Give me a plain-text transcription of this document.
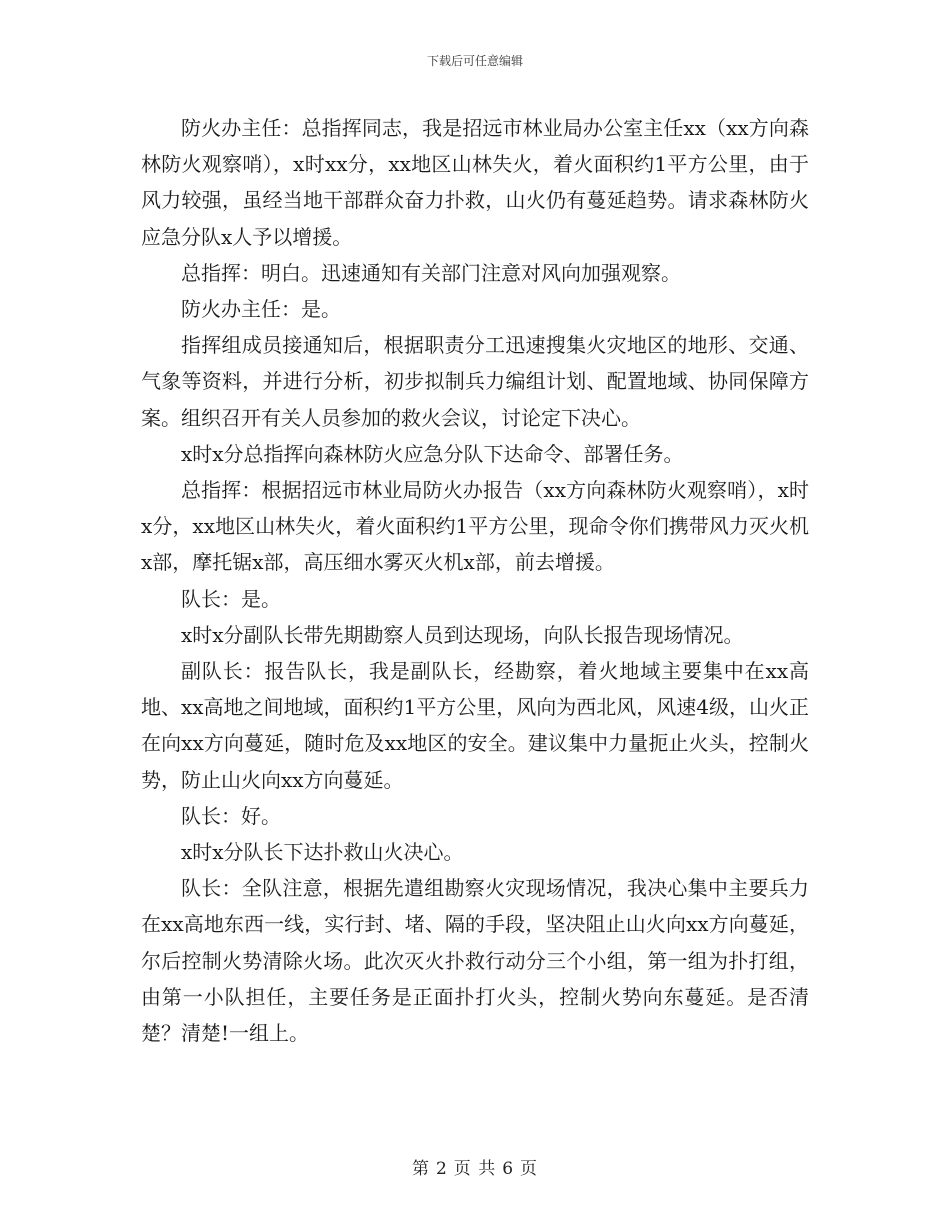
下载后可任意编辑

防火办主任：总指挥同志，我是招远市林业局办公室主任xx（xx方向森林防火观察哨），x时xx分，xx地区山林失火，着火面积约1平方公里，由于风力较强，虽经当地干部群众奋力扑救，山火仍有蔓延趋势。请求森林防火应急分队x人予以增援。

总指挥：明白。迅速通知有关部门注意对风向加强观察。

防火办主任：是。

指挥组成员接通知后，根据职责分工迅速搜集火灾地区的地形、交通、气象等资料，并进行分析，初步拟制兵力编组计划、配置地域、协同保障方案。组织召开有关人员参加的救火会议，讨论定下决心。

x时x分总指挥向森林防火应急分队下达命令、部署任务。

总指挥：根据招远市林业局防火办报告（xx方向森林防火观察哨），x时x分，xx地区山林失火，着火面积约1平方公里，现命令你们携带风力灭火机x部，摩托锯x部，高压细水雾灭火机x部，前去增援。

队长：是。

x时x分副队长带先期勘察人员到达现场，向队长报告现场情况。

副队长：报告队长，我是副队长，经勘察，着火地域主要集中在xx高地、xx高地之间地域，面积约1平方公里，风向为西北风，风速4级，山火正在向xx方向蔓延，随时危及xx地区的安全。建议集中力量扼止火头，控制火势，防止山火向xx方向蔓延。

队长：好。

x时x分队长下达扑救山火决心。

队长：全队注意，根据先遣组勘察火灾现场情况，我决心集中主要兵力在xx高地东西一线，实行封、堵、隔的手段，坚决阻止山火向xx方向蔓延，尔后控制火势清除火场。此次灭火扑救行动分三个小组，第一组为扑打组，由第一小队担任，主要任务是正面扑打火头，控制火势向东蔓延。是否清楚？清楚!一组上。

第 2 页 共 6 页
